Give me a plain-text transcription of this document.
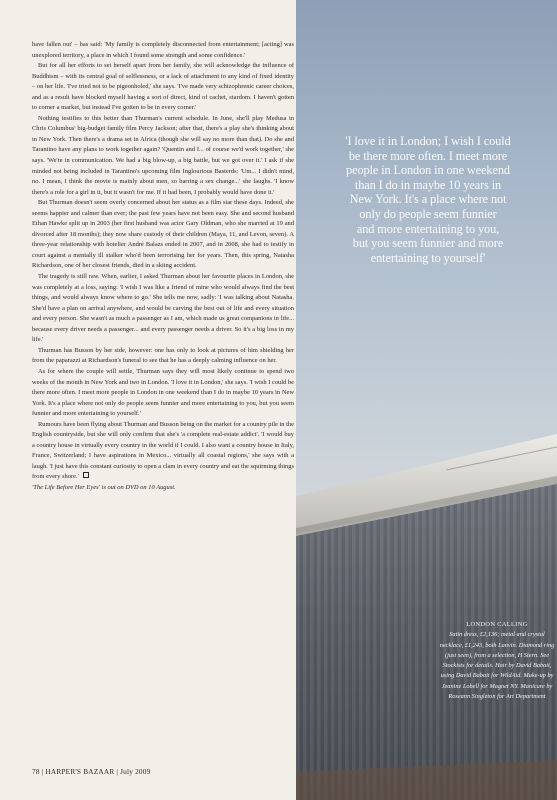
have fallen out' – has said: 'My family is completely disconnected from entertainment; [acting] was unexplored territory, a place in which I found some strength and some confidence.'

But for all her efforts to set herself apart from her family, she will acknowledge the influence of Buddhism – with its central goal of selflessness, or a lack of attachment to any kind of fixed identity – on her life. 'I've tried not to be pigeonholed,' she says. 'I've made very schizophrenic career choices, and as a result have blocked myself having a sort of direct, kind of cachet, stardom. I haven't gotten to corner a market, but instead I've gotten to be in every corner.'

Nothing testifies to this better than Thurman's current schedule. In June, she'll play Medusa in Chris Columbus' big-budget family film Percy Jackson; after that, there's a play she's thinking about in New York. Then there's a drama set in Africa (though she will say no more than that). Do she and Tarantino have any plans to work together again? 'Quentin and I... of course we'd work together,' she says. 'We're in communication. We had a big blow-up, a big battle, but we got over it.' I ask if she minded not being included in Tarantino's upcoming film Inglourious Basterds: 'Um... I didn't mind, no. I mean, I think the movie is mainly about men, so barring a sex change...' she laughs. 'I know there's a role for a girl in it, but it wasn't for me. If it had been, I probably would have done it.'

But Thurman doesn't seem overly concerned about her status as a film star these days. Indeed, she seems happier and calmer than ever; the past few years have not been easy. She and second husband Ethan Hawke split up in 2003 (her first husband was actor Gary Oldman, who she married at 19 and divorced after 18 months); they now share custody of their children (Maya, 11, and Levon, seven). A three-year relationship with hotelier André Balazs ended in 2007, and in 2008, she had to testify in court against a mentally ill stalker who'd been terrorising her for years. Then, this spring, Natasha Richardson, one of her closest friends, died in a skiing accident.

The tragedy is still raw. When, earlier, I asked Thurman about her favourite places in London, she was completely at a loss, saying: 'I wish I was like a friend of mine who would always find the best things, and would always know where to go.' She tells me now, sadly: 'I was talking about Natasha. She'd have a plan on arrival anywhere, and would be carving the best out of life and every situation and every person. She wasn't as much a passenger as I am, which made us great companions in life... because every driver needs a passenger... and every passenger needs a driver. So it's a big loss in my life.'

Thurman has Busson by her side, however: one has only to look at pictures of him shielding her from the paparazzi at Richardson's funeral to see that he has a deeply calming influence on her.

As for where the couple will settle, Thurman says they will most likely continue to spend two weeks of the month in New York and two in London. 'I love it in London,' she says. 'I wish I could be there more often. I meet more people in London in one weekend than I do in maybe 10 years in New York. It's a place where not only do people seem funnier and more entertaining to you, but you seem funnier and more entertaining to yourself.'

Rumours have been flying about Thurman and Busson being on the market for a country pile in the English countryside, but she will only confirm that she's 'a complete real-estate addict'. 'I would buy a country house in virtually every country in the world if I could. I also want a country house in Italy, France, Switzerland; I have aspirations in Mexico... virtually all coastal regions,' she says with a laugh. 'I just have this constant curiosity to open a clam in every country and eat the squirming things from every shore.'

'The Life Before Her Eyes' is out on DVD on 10 August.

78 | HARPER'S BAZAAR | July 2009
'I love it in London; I wish I could
be there more often. I meet more
people in London in one weekend
than I do in maybe 10 years in
New York. It's a place where not
only do people seem funnier
and more entertaining to you,
but you seem funnier and more
entertaining to yourself'
LONDON CALLING
Satin dress, £2,136; metal and crystal necklace, £1,243, both Lanvin. Diamond ring (just seen), from a selection, H Stern. See Stockists for details. Hair by David Babaii, using David Babaii for WildAid. Make-up by Jeanine Lobell for Magnet NY. Manicure by Roseann Singleton for Art Department
